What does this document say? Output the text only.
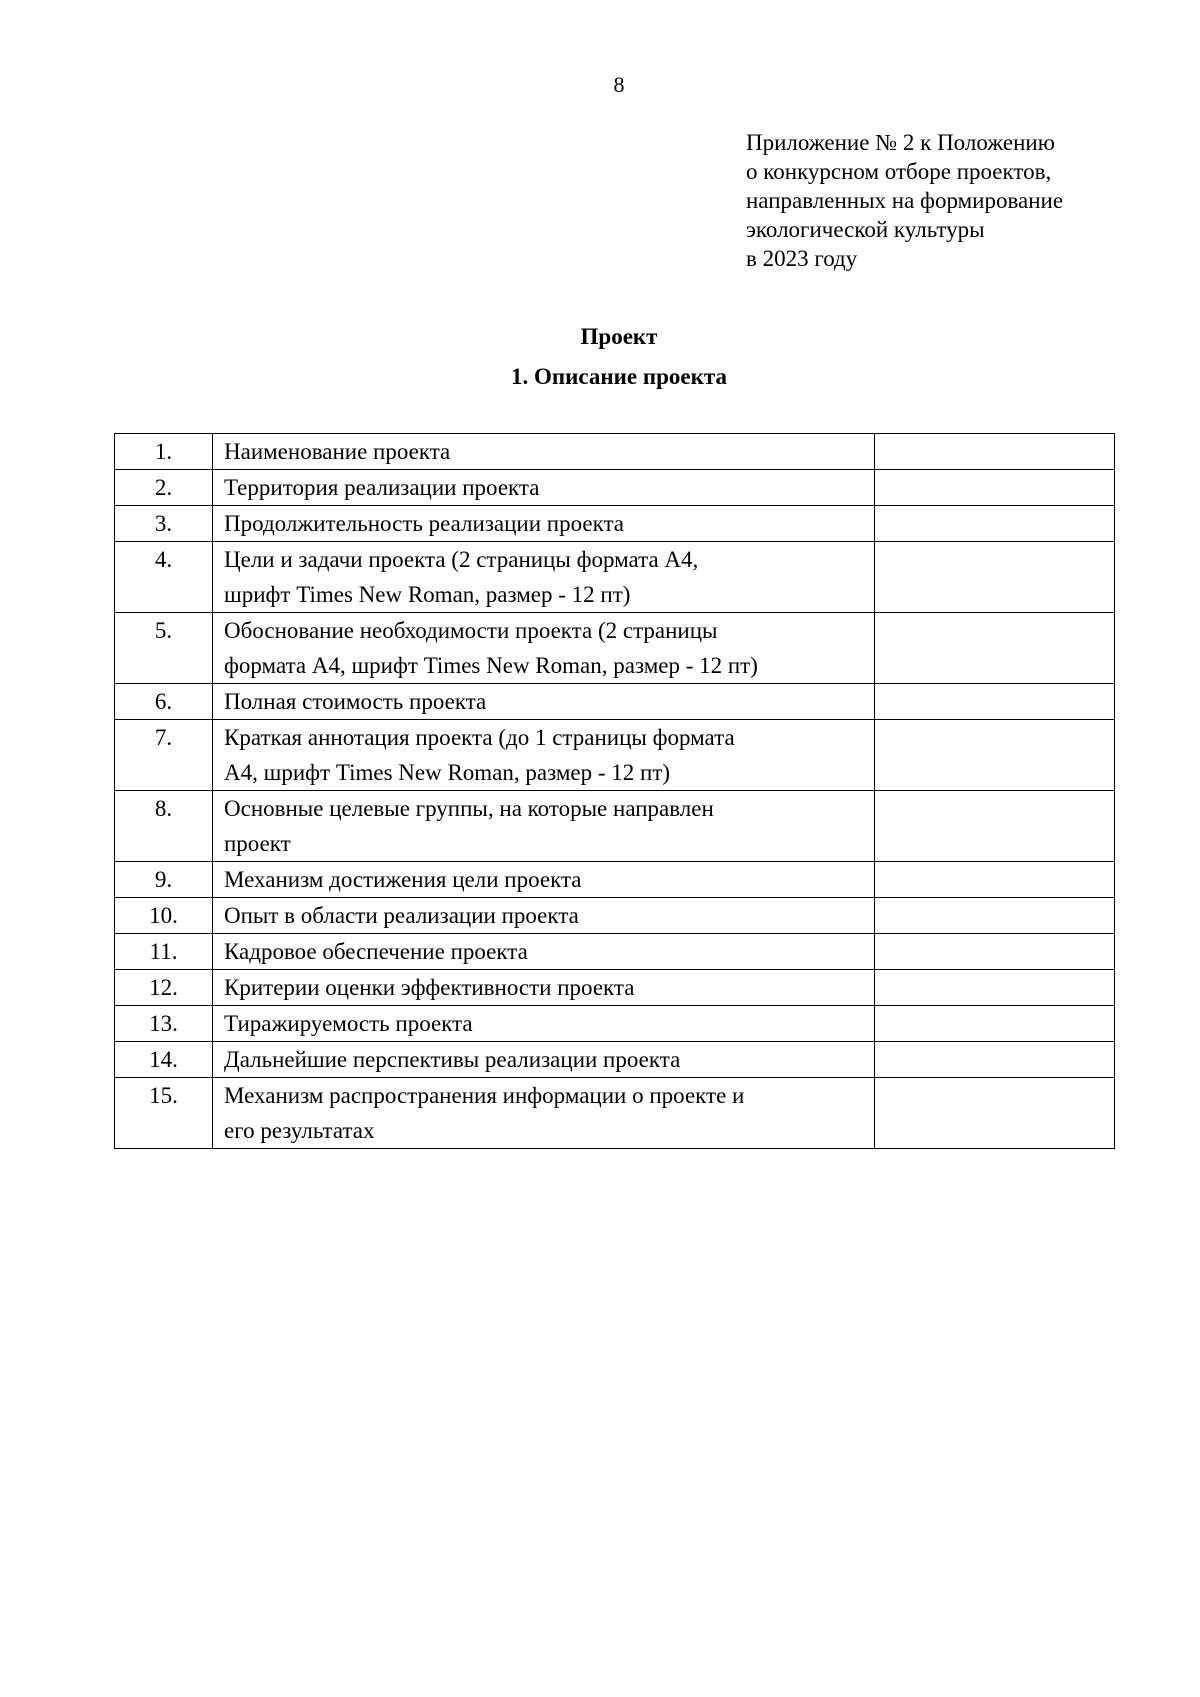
8
Приложение № 2 к Положению
о конкурсном отборе проектов,
направленных на формирование
экологической культуры
в 2023 году
Проект
1. Описание проекта
1.	Наименование проекта	

2.	Территория реализации проекта	

3.	Продолжительность реализации проекта	

4.	Цели и задачи проекта (2 страницы формата А4,
шрифт Times New Roman, размер - 12 пт)	

5.	Обоснование необходимости проекта (2 страницы
формата А4, шрифт Times New Roman, размер - 12 пт)	

6.	Полная стоимость проекта	

7.	Краткая аннотация проекта (до 1 страницы формата
А4, шрифт Times New Roman, размер - 12 пт)	

8.	Основные целевые группы, на которые направлен
проект	

9.	Механизм достижения цели проекта	

10.	Опыт в области реализации проекта	

11.	Кадровое обеспечение проекта	

12.	Критерии оценки эффективности проекта	

13.	Тиражируемость проекта	

14.	Дальнейшие перспективы реализации проекта	

15.	Механизм распространения информации о проекте и
его результатах	
